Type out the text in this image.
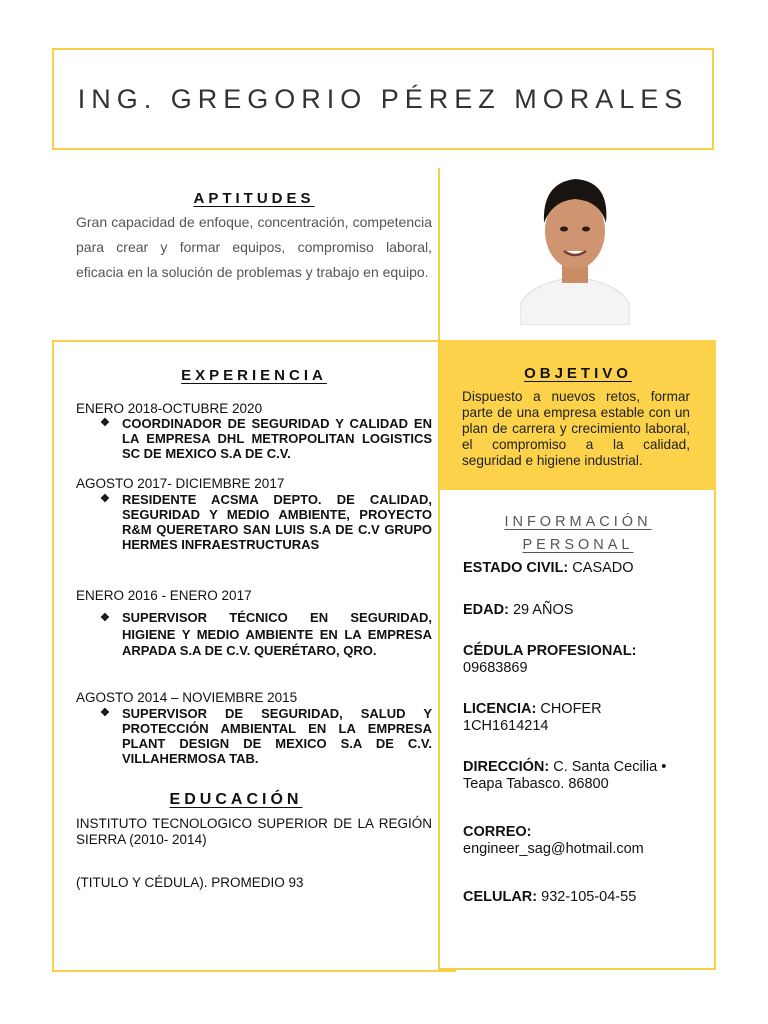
ING. GREGORIO PÉREZ MORALES
APTITUDES
Gran capacidad de enfoque, concentración, competencia para crear y formar equipos, compromiso laboral, eficacia en la solución de problemas y trabajo en equipo.
OBJETIVO
Dispuesto a nuevos retos, formar parte de una empresa estable con un plan de carrera y crecimiento laboral, el compromiso a la calidad, seguridad e higiene industrial.
EXPERIENCIA
ENERO 2018-OCTUBRE 2020
❖ COORDINADOR DE SEGURIDAD Y CALIDAD EN LA EMPRESA DHL METROPOLITAN LOGISTICS SC DE MEXICO S.A DE C.V.
AGOSTO 2017- DICIEMBRE 2017
❖ RESIDENTE ACSMA DEPTO. DE CALIDAD, SEGURIDAD Y MEDIO AMBIENTE, PROYECTO R&M QUERETARO SAN LUIS S.A DE C.V GRUPO HERMES INFRAESTRUCTURAS
ENERO 2016 - ENERO 2017
❖ SUPERVISOR TÉCNICO EN SEGURIDAD, HIGIENE Y MEDIO AMBIENTE EN LA EMPRESA ARPADA S.A DE C.V. QUERÉTARO, QRO.
AGOSTO 2014 – NOVIEMBRE 2015
❖ SUPERVISOR DE SEGURIDAD, SALUD Y PROTECCIÓN AMBIENTAL EN LA EMPRESA PLANT DESIGN DE MEXICO S.A DE C.V. VILLAHERMOSA TAB.
EDUCACIÓN
INSTITUTO TECNOLOGICO SUPERIOR DE LA REGIÓN SIERRA (2010- 2014)
(TITULO Y CÉDULA). PROMEDIO 93
INFORMACIÓN
PERSONAL
ESTADO CIVIL: CASADO
EDAD: 29 AÑOS
CÉDULA PROFESIONAL:
09683869
LICENCIA: CHOFER
1CH1614214
DIRECCIÓN: C. Santa Cecilia •
Teapa Tabasco. 86800
CORREO:
engineer_sag@hotmail.com
CELULAR: 932-105-04-55
